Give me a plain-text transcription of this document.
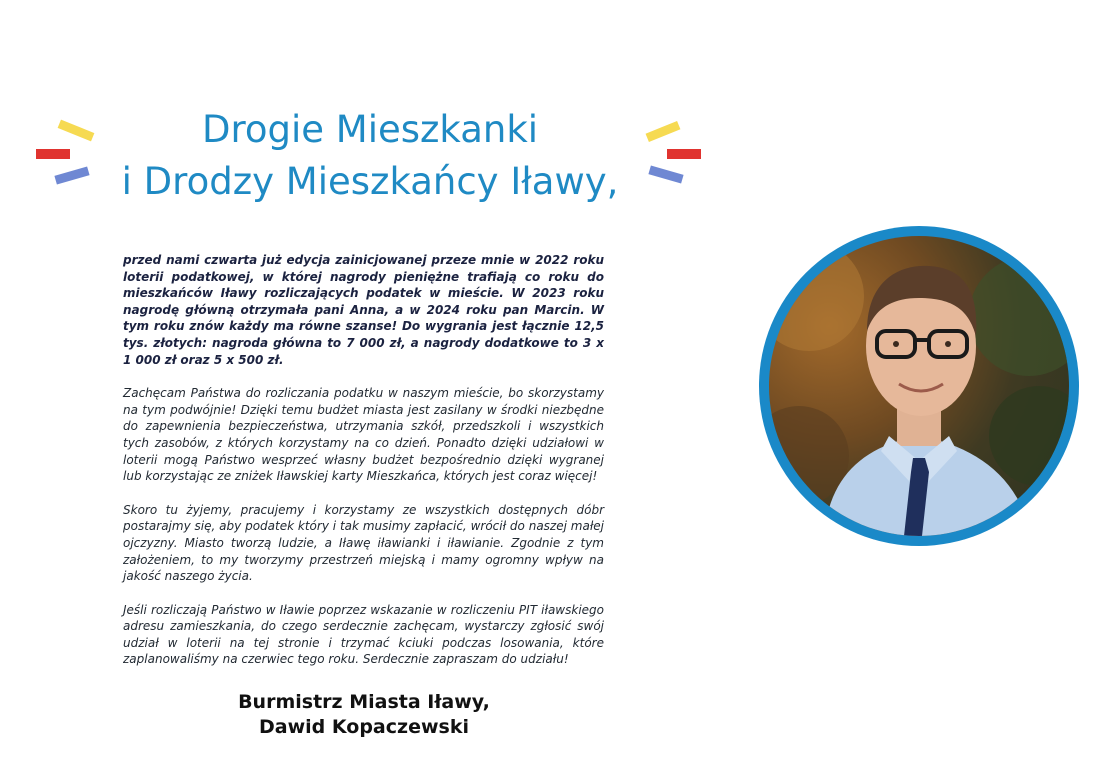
Drogie Mieszkanki
i Drodzy Mieszkańcy Iławy,

przed nami czwarta już edycja zainicjowanej przeze mnie w 2022 roku loterii podatkowej, w której nagrody pieniężne trafiają co roku do mieszkańców Iławy rozliczających podatek w mieście. W 2023 roku nagrodę główną otrzymała pani Anna, a w 2024 roku pan Marcin. W tym roku znów każdy ma równe szanse! Do wygrania jest łącznie 12,5 tys. złotych: nagroda główna to 7 000 zł, a nagrody dodatkowe to 3 x 1 000 zł oraz 5 x 500 zł.

Zachęcam Państwa do rozliczania podatku w naszym mieście, bo skorzystamy na tym podwójnie! Dzięki temu budżet miasta jest zasilany w środki niezbędne do zapewnienia bezpieczeństwa, utrzymania szkół, przedszkoli i wszystkich tych zasobów, z których korzystamy na co dzień. Ponadto dzięki udziałowi w loterii mogą Państwo wesprzeć własny budżet bezpośrednio dzięki wygranej lub korzystając ze zniżek Iławskiej karty Mieszkańca, których jest coraz więcej!

Skoro tu żyjemy, pracujemy i korzystamy ze wszystkich dostępnych dóbr postarajmy się, aby podatek który i tak musimy zapłacić, wrócił do naszej małej ojczyzny. Miasto tworzą ludzie, a Iławę iławianki i iławianie. Zgodnie z tym założeniem, to my tworzymy przestrzeń miejską i mamy ogromny wpływ na jakość naszego życia.

Jeśli rozliczają Państwo w Iławie poprzez wskazanie w rozliczeniu PIT iławskiego adresu zamieszkania, do czego serdecznie zachęcam, wystarczy zgłosić swój udział w loterii na tej stronie i trzymać kciuki podczas losowania, które zaplanowaliśmy na czerwiec tego roku. Serdecznie zapraszam do udziału!

Burmistrz Miasta Iławy,
Dawid Kopaczewski
